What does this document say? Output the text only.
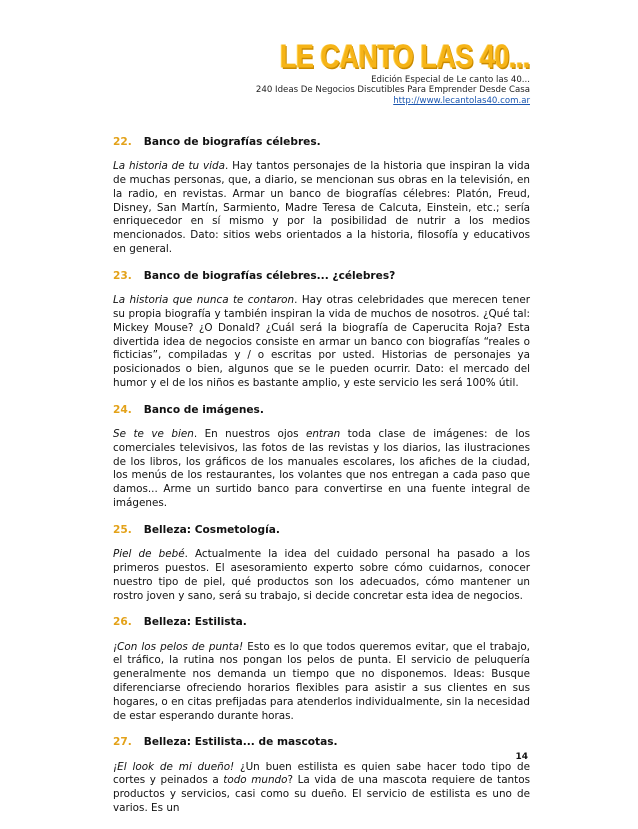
LE CANTO LAS 40...
Edición Especial de Le canto las 40...
240 Ideas De Negocios Discutibles Para Emprender Desde Casa
http://www.lecantolas40.com.ar
22. Banco de biografías célebres.

La historia de tu vida. Hay tantos personajes de la historia que inspiran la vida de muchas personas, que, a diario, se mencionan sus obras en la televisión, en la radio, en revistas. Armar un banco de biografías célebres: Platón, Freud, Disney, San Martín, Sarmiento, Madre Teresa de Calcuta, Einstein, etc.; sería enriquecedor en sí mismo y por la posibilidad de nutrir a los medios mencionados. Dato: sitios webs orientados a la historia, filosofía y educativos en general.

23. Banco de biografías célebres... ¿célebres?

La historia que nunca te contaron. Hay otras celebridades que merecen tener su propia biografía y también inspiran la vida de muchos de nosotros. ¿Qué tal: Mickey Mouse? ¿O Donald? ¿Cuál será la biografía de Caperucita Roja? Esta divertida idea de negocios consiste en armar un banco con biografías “reales o ficticias”, compiladas y / o escritas por usted. Historias de personajes ya posicionados o bien, algunos que se le pueden ocurrir. Dato: el mercado del humor y el de los niños es bastante amplio, y este servicio les será 100% útil.

24. Banco de imágenes.

Se te ve bien. En nuestros ojos entran toda clase de imágenes: de los comerciales televisivos, las fotos de las revistas y los diarios, las ilustraciones de los libros, los gráficos de los manuales escolares, los afiches de la ciudad, los menús de los restaurantes, los volantes que nos entregan a cada paso que damos... Arme un surtido banco para convertirse en una fuente integral de imágenes.

25. Belleza: Cosmetología.

Piel de bebé. Actualmente la idea del cuidado personal ha pasado a los primeros puestos. El asesoramiento experto sobre cómo cuidarnos, conocer nuestro tipo de piel, qué productos son los adecuados, cómo mantener un rostro joven y sano, será su trabajo, si decide concretar esta idea de negocios.

26. Belleza: Estilista.

¡Con los pelos de punta! Esto es lo que todos queremos evitar, que el trabajo, el tráfico, la rutina nos pongan los pelos de punta. El servicio de peluquería generalmente nos demanda un tiempo que no disponemos. Ideas: Busque diferenciarse ofreciendo horarios flexibles para asistir a sus clientes en sus hogares, o en citas prefijadas para atenderlos individualmente, sin la necesidad de estar esperando durante horas.

27. Belleza: Estilista... de mascotas.

¡El look de mi dueño! ¿Un buen estilista es quien sabe hacer todo tipo de cortes y peinados a todo mundo? La vida de una mascota requiere de tantos productos y servicios, casi como su dueño. El servicio de estilista es uno de varios. Es un

14
